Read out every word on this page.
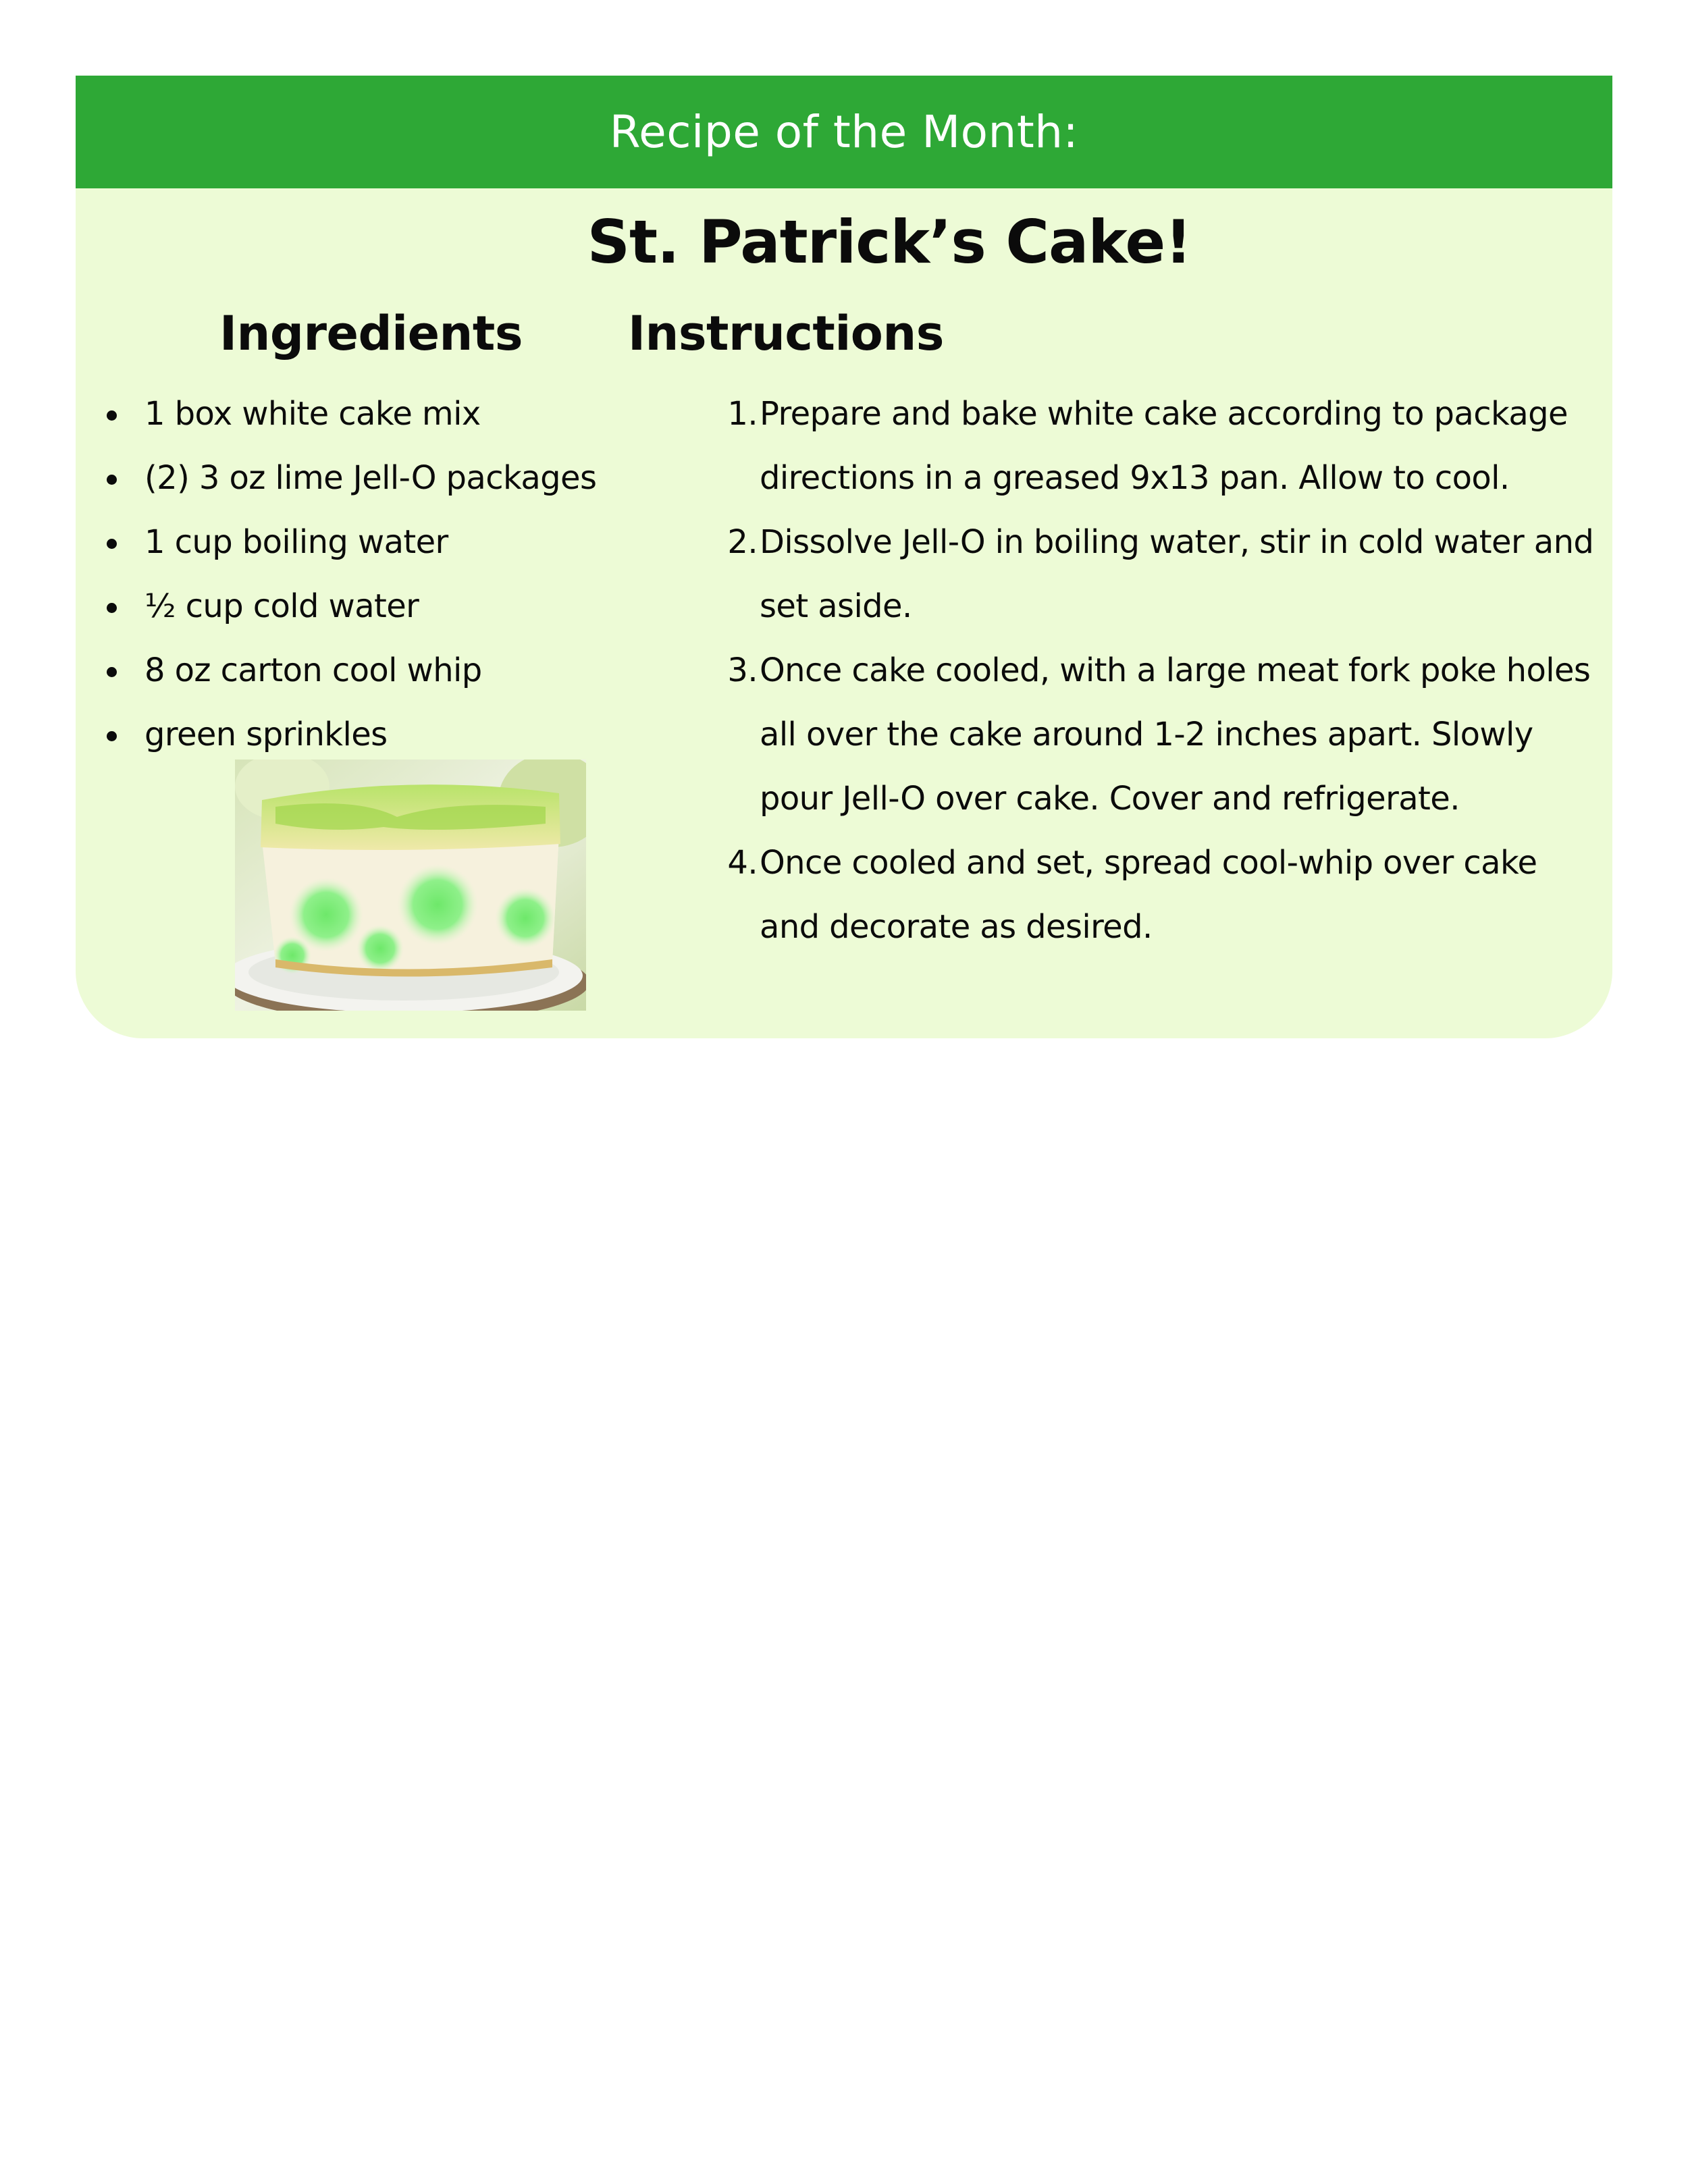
Recipe of the Month:
St. Patrick’s Cake!
Ingredients Instructions
1 box white cake mix
(2) 3 oz lime Jell-O packages
1 cup boiling water
½ cup cold water
8 oz carton cool whip
green sprinkles
1. Prepare and bake white cake according to package directions in a greased 9x13 pan. Allow to cool.
2. Dissolve Jell-O in boiling water, stir in cold water and set aside.
3. Once cake cooled, with a large meat fork poke holes all over the cake around 1-2 inches apart. Slowly pour Jell-O over cake. Cover and refrigerate.
4. Once cooled and set, spread cool-whip over cake and decorate as desired.
